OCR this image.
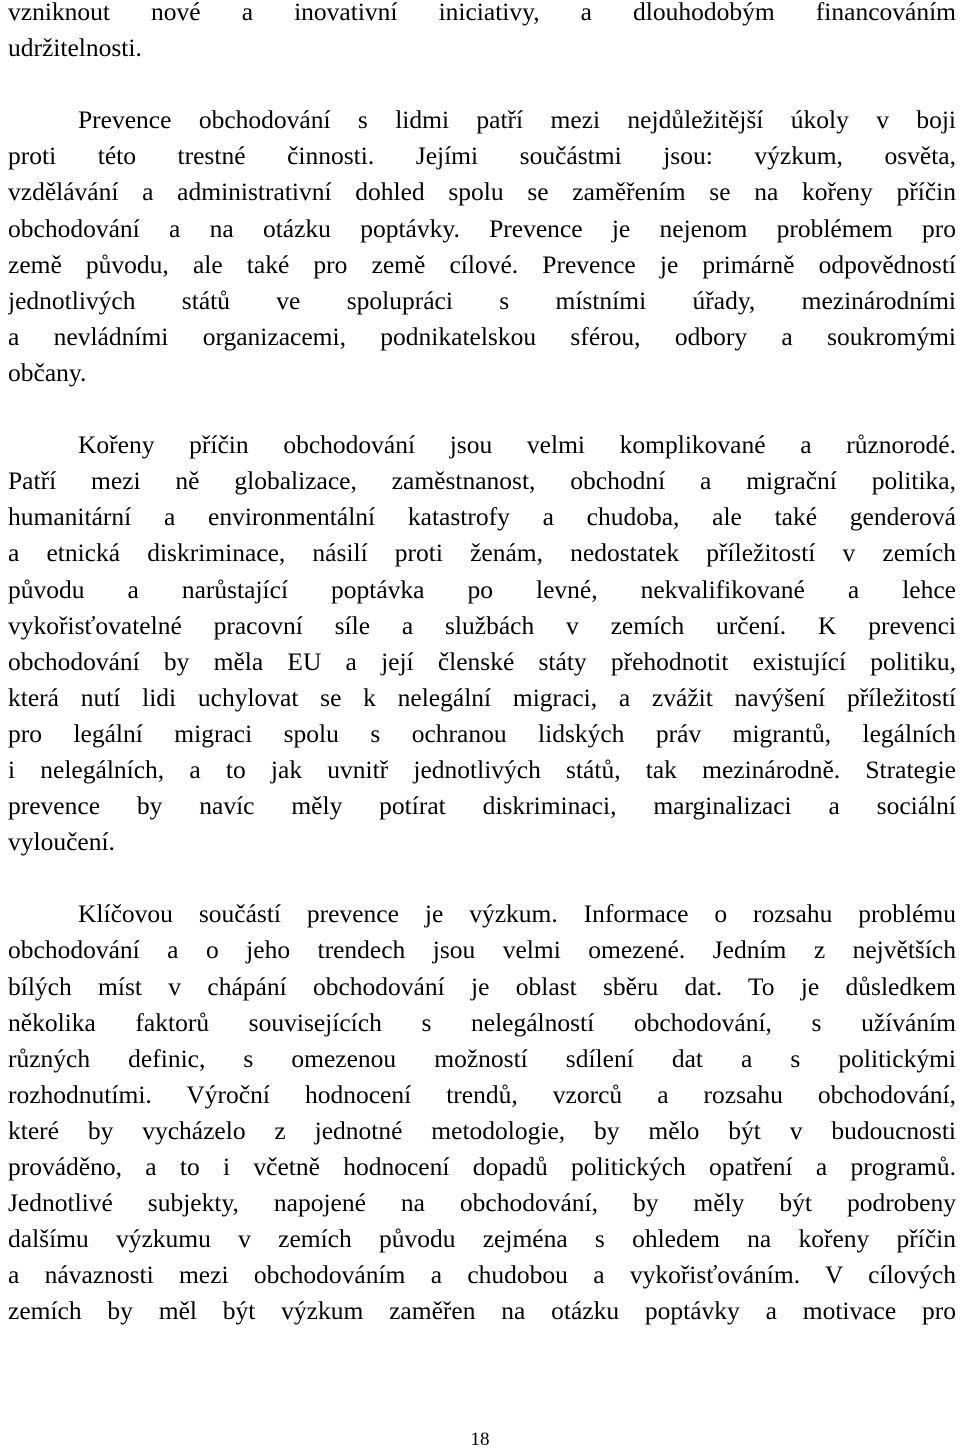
vzniknout nové a inovativní iniciativy, a dlouhodobým financováním
udržitelnosti.
Prevence obchodování s lidmi patří mezi nejdůležitější úkoly v boji
proti této trestné činnosti. Jejími součástmi jsou: výzkum, osvěta,
vzdělávání a administrativní dohled spolu se zaměřením se na kořeny příčin
obchodování a na otázku poptávky. Prevence je nejenom problémem pro
země původu, ale také pro země cílové. Prevence je primárně odpovědností
jednotlivých států ve spolupráci s místními úřady, mezinárodními
a nevládními organizacemi, podnikatelskou sférou, odbory a soukromými
občany.
Kořeny příčin obchodování jsou velmi komplikované a různorodé.
Patří mezi ně globalizace, zaměstnanost, obchodní a migrační politika,
humanitární a environmentální katastrofy a chudoba, ale také genderová
a etnická diskriminace, násilí proti ženám, nedostatek příležitostí v zemích
původu a narůstající poptávka po levné, nekvalifikované a lehce
vykořisťovatelné pracovní síle a službách v zemích určení. K prevenci
obchodování by měla EU a její členské státy přehodnotit existující politiku,
která nutí lidi uchylovat se k nelegální migraci, a zvážit navýšení příležitostí
pro legální migraci spolu s ochranou lidských práv migrantů, legálních
i nelegálních, a to jak uvnitř jednotlivých států, tak mezinárodně. Strategie
prevence by navíc měly potírat diskriminaci, marginalizaci a sociální
vyloučení.
Klíčovou součástí prevence je výzkum. Informace o rozsahu problému
obchodování a o jeho trendech jsou velmi omezené. Jedním z největších
bílých míst v chápání obchodování je oblast sběru dat. To je důsledkem
několika faktorů souvisejících s nelegálností obchodování, s užíváním
různých definic, s omezenou možností sdílení dat a s politickými
rozhodnutími. Výroční hodnocení trendů, vzorců a rozsahu obchodování,
které by vycházelo z jednotné metodologie, by mělo být v budoucnosti
prováděno, a to i včetně hodnocení dopadů politických opatření a programů.
Jednotlivé subjekty, napojené na obchodování, by měly být podrobeny
dalšímu výzkumu v zemích původu zejména s ohledem na kořeny příčin
a návaznosti mezi obchodováním a chudobou a vykořisťováním. V cílových
zemích by měl být výzkum zaměřen na otázku poptávky a motivace pro
18
